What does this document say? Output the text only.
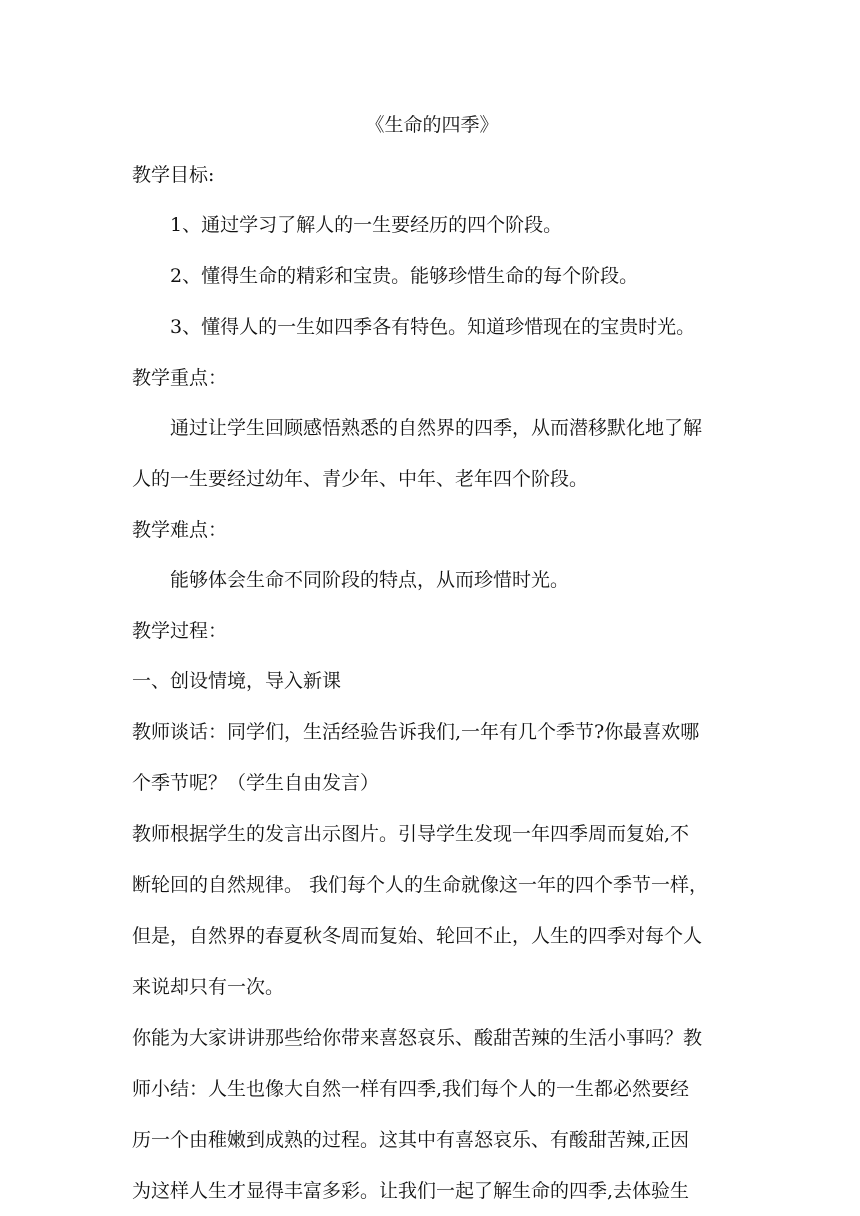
《生命的四季》

教学目标:

1、通过学习了解人的一生要经历的四个阶段。

2、懂得生命的精彩和宝贵。能够珍惜生命的每个阶段。

3、懂得人的一生如四季各有特色。知道珍惜现在的宝贵时光。

教学重点：

通过让学生回顾感悟熟悉的自然界的四季，从而潜移默化地了解

人的一生要经过幼年、青少年、中年、老年四个阶段。

教学难点：

能够体会生命不同阶段的特点，从而珍惜时光。

教学过程：

一、创设情境，导入新课

教师谈话：同学们，生活经验告诉我们,一年有几个季节?你最喜欢哪

个季节呢？（学生自由发言）

教师根据学生的发言出示图片。引导学生发现一年四季周而复始,不

断轮回的自然规律。 我们每个人的生命就像这一年的四个季节一样，

但是，自然界的春夏秋冬周而复始、轮回不止，人生的四季对每个人

来说却只有一次。

你能为大家讲讲那些给你带来喜怒哀乐、酸甜苦辣的生活小事吗？教

师小结：人生也像大自然一样有四季,我们每个人的一生都必然要经

历一个由稚嫩到成熟的过程。这其中有喜怒哀乐、有酸甜苦辣,正因

为这样人生才显得丰富多彩。让我们一起了解生命的四季,去体验生
